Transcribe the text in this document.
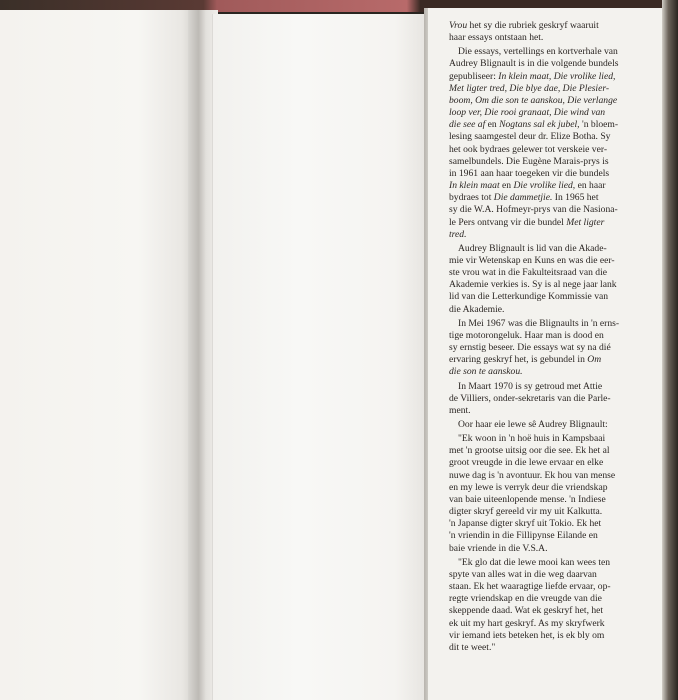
Vrou het sy die rubriek geskryf waaruit
haar essays ontstaan het.

Die essays, vertellings en kortverhale van
Audrey Blignault is in die volgende bundels
gepubliseer: In klein maat, Die vrolike lied,
Met ligter tred, Die blye dae, Die Plesier-
boom, Om die son te aanskou, Die verlange
loop ver, Die rooi granaat, Die wind van
die see af en Nogtans sal ek jubel, 'n bloem-
lesing saamgestel deur dr. Elize Botha. Sy
het ook bydraes gelewer tot verskeie ver-
samelbundels. Die Eugène Marais-prys is
in 1961 aan haar toegeken vir die bundels
In klein maat en Die vrolike lied, en haar
bydraes tot Die dammetjie. In 1965 het
sy die W.A. Hofmeyr-prys van die Nasiona-
le Pers ontvang vir die bundel Met ligter
tred.

Audrey Blignault is lid van die Akade-
mie vir Wetenskap en Kuns en was die eer-
ste vrou wat in die Fakulteitsraad van die
Akademie verkies is. Sy is al nege jaar lank
lid van die Letterkundige Kommissie van
die Akademie.

In Mei 1967 was die Blignaults in 'n erns-
tige motorongeluk. Haar man is dood en
sy ernstig beseer. Die essays wat sy na dié
ervaring geskryf het, is gebundel in Om
die son te aanskou.

In Maart 1970 is sy getroud met Attie
de Villiers, onder-sekretaris van die Parle-
ment.

Oor haar eie lewe sê Audrey Blignault:

"Ek woon in 'n hoë huis in Kampsbaai
met 'n grootse uitsig oor die see. Ek het al
groot vreugde in die lewe ervaar en elke
nuwe dag is 'n avontuur. Ek hou van mense
en my lewe is verryk deur die vriendskap
van baie uiteenlopende mense. 'n Indiese
digter skryf gereeld vir my uit Kalkutta.
'n Japanse digter skryf uit Tokio. Ek het
'n vriendin in die Fillipynse Eilande en
baie vriende in die V.S.A.

"Ek glo dat die lewe mooi kan wees ten
spyte van alles wat in die weg daarvan
staan. Ek het waaragtige liefde ervaar, op-
regte vriendskap en die vreugde van die
skeppende daad. Wat ek geskryf het, het
ek uit my hart geskryf. As my skryfwerk
vir iemand iets beteken het, is ek bly om
dit te weet."
